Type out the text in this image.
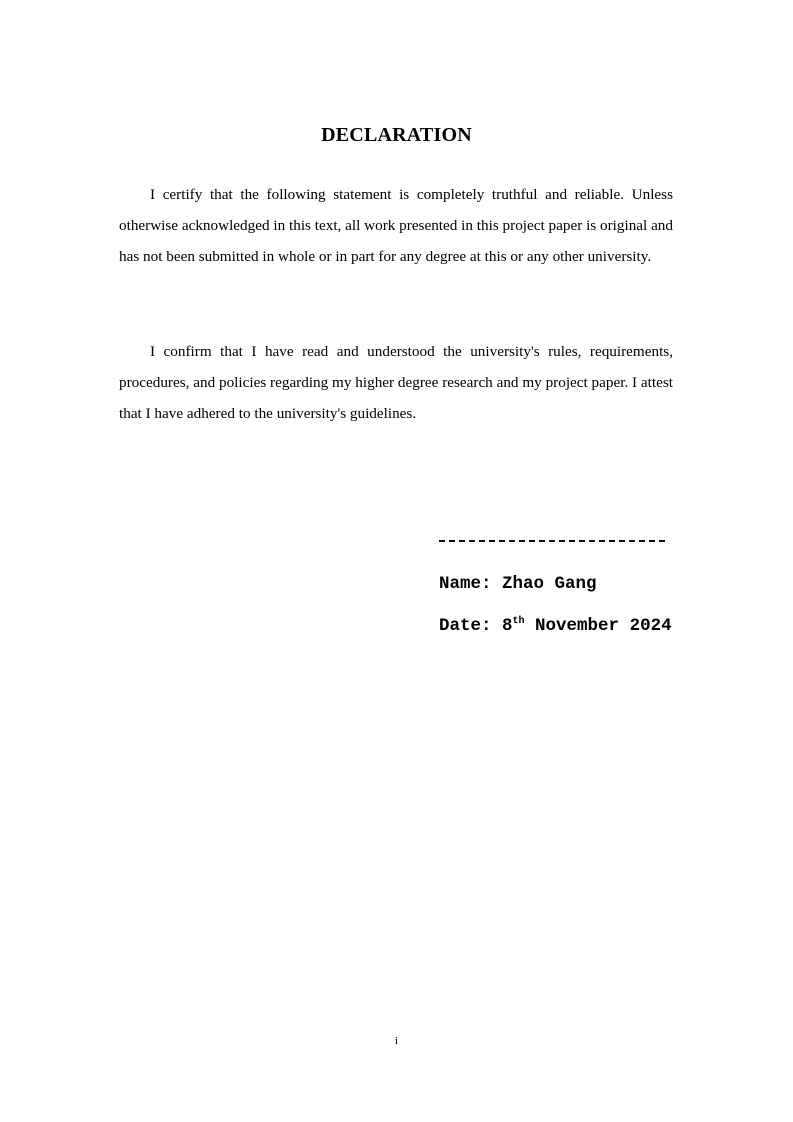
DECLARATION

I certify that the following statement is completely truthful and reliable. Unless otherwise acknowledged in this text, all work presented in this project paper is original and has not been submitted in whole or in part for any degree at this or any other university.

I confirm that I have read and understood the university's rules, requirements, procedures, and policies regarding my higher degree research and my project paper. I attest that I have adhered to the university's guidelines.

Name: Zhao Gang
Date: 8th November 2024
i
